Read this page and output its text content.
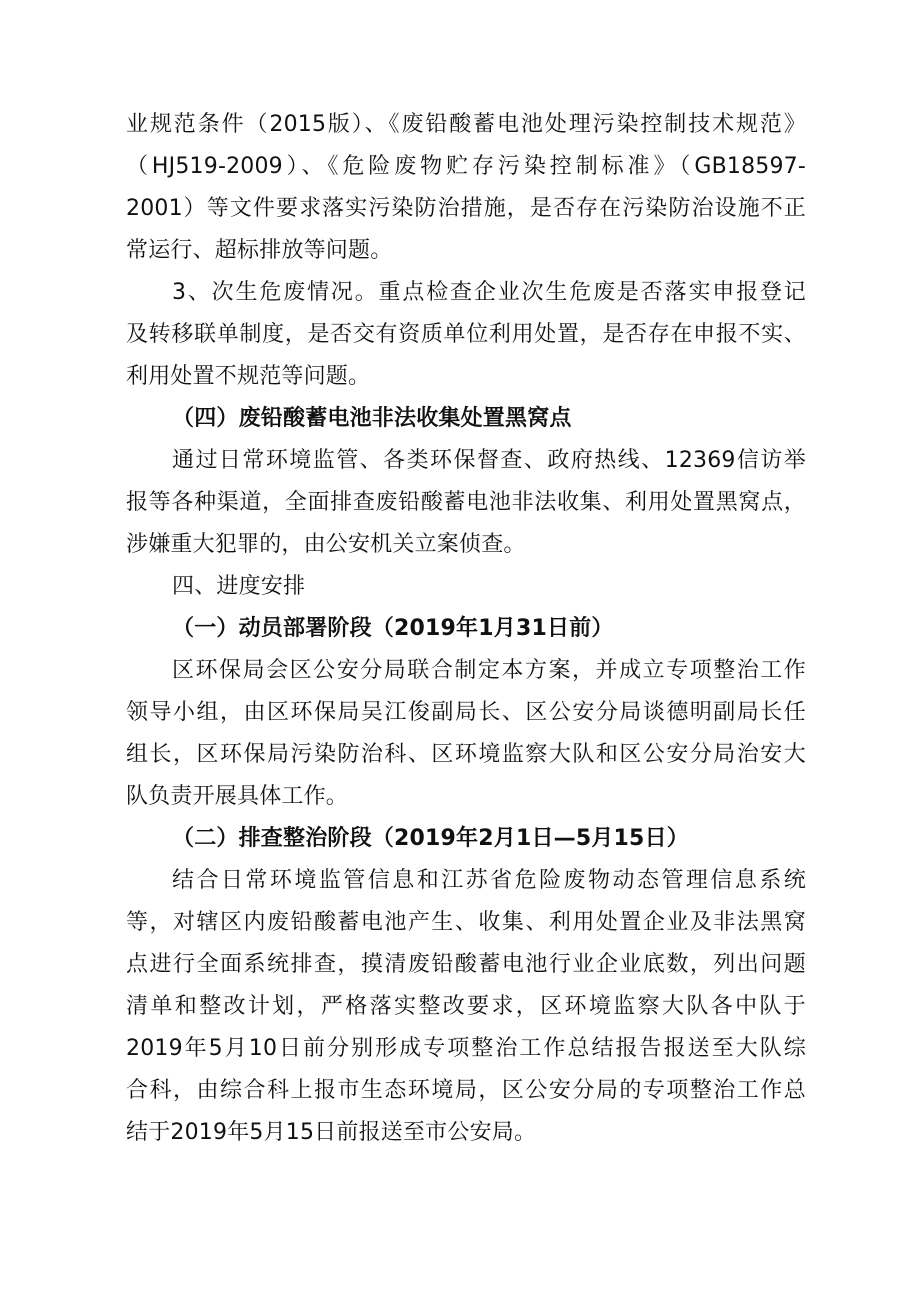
业规范条件（2015版）、《废铅酸蓄电池处理污染控制技术规范》
（HJ519-2009）、《危险废物贮存污染控制标准》（GB18597-
2001）等文件要求落实污染防治措施，是否存在污染防治设施不正
常运行、超标排放等问题。
3、次生危废情况。重点检查企业次生危废是否落实申报登记
及转移联单制度，是否交有资质单位利用处置，是否存在申报不实、
利用处置不规范等问题。
（四）废铅酸蓄电池非法收集处置黑窝点
通过日常环境监管、各类环保督查、政府热线、12369信访举
报等各种渠道，全面排查废铅酸蓄电池非法收集、利用处置黑窝点，
涉嫌重大犯罪的，由公安机关立案侦查。
四、进度安排
（一）动员部署阶段（2019年1月31日前）
区环保局会区公安分局联合制定本方案，并成立专项整治工作
领导小组，由区环保局吴江俊副局长、区公安分局谈德明副局长任
组长，区环保局污染防治科、区环境监察大队和区公安分局治安大
队负责开展具体工作。
（二）排查整治阶段（2019年2月1日—5月15日）
结合日常环境监管信息和江苏省危险废物动态管理信息系统
等，对辖区内废铅酸蓄电池产生、收集、利用处置企业及非法黑窝
点进行全面系统排查，摸清废铅酸蓄电池行业企业底数，列出问题
清单和整改计划，严格落实整改要求，区环境监察大队各中队于
2019年5月10日前分别形成专项整治工作总结报告报送至大队综
合科，由综合科上报市生态环境局，区公安分局的专项整治工作总
结于2019年5月15日前报送至市公安局。
